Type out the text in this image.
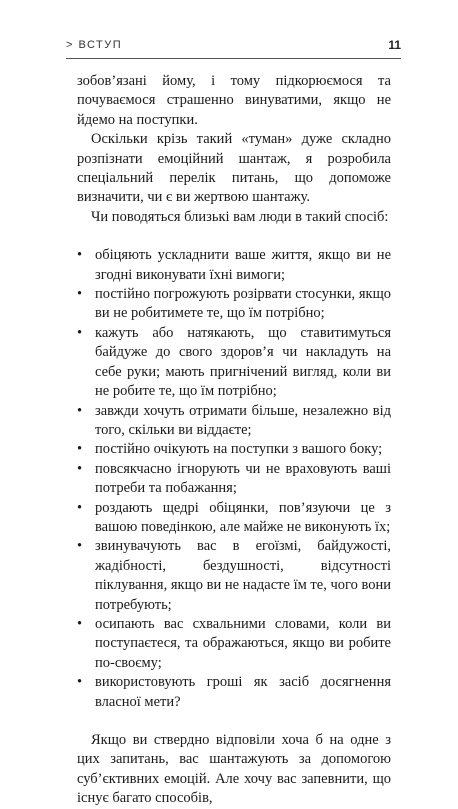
> ВСТУП	11

зобов’язані йому, і тому підкорюємося та почуваємося страшенно винуватими, якщо не йдемо на поступки.

Оскільки крізь такий «туман» дуже складно розпізнати емоційний шантаж, я розробила спеціальний перелік питань, що допоможе визначити, чи є ви жертвою шантажу.

Чи поводяться близькі вам люди в такий спосіб:

• обіцяють ускладнити ваше життя, якщо ви не згодні виконувати їхні вимоги;
• постійно погрожують розірвати стосунки, якщо ви не робитимете те, що їм потрібно;
• кажуть або натякають, що ставитимуться байдуже до свого здоров’я чи накладуть на себе руки; мають пригнічений вигляд, коли ви не робите те, що їм потрібно;
• завжди хочуть отримати більше, незалежно від того, скільки ви віддаєте;
• постійно очікують на поступки з вашого боку;
• повсякчасно ігнорують чи не враховують ваші потреби та побажання;
• роздають щедрі обіцянки, пов’язуючи це з вашою поведінкою, але майже не виконують їх;
• звинувачують вас в егоїзмі, байдужості, жадібності, бездушності, відсутності піклування, якщо ви не надасте їм те, чого вони потребують;
• осипають вас схвальними словами, коли ви поступаєтеся, та ображаються, якщо ви робите по-своєму;
• використовують гроші як засіб досягнення власної мети?

Якщо ви ствердно відповіли хоча б на одне з цих запитань, вас шантажують за допомогою суб’єктивних емоцій. Але хочу вас запевнити, що існує багато способів,
